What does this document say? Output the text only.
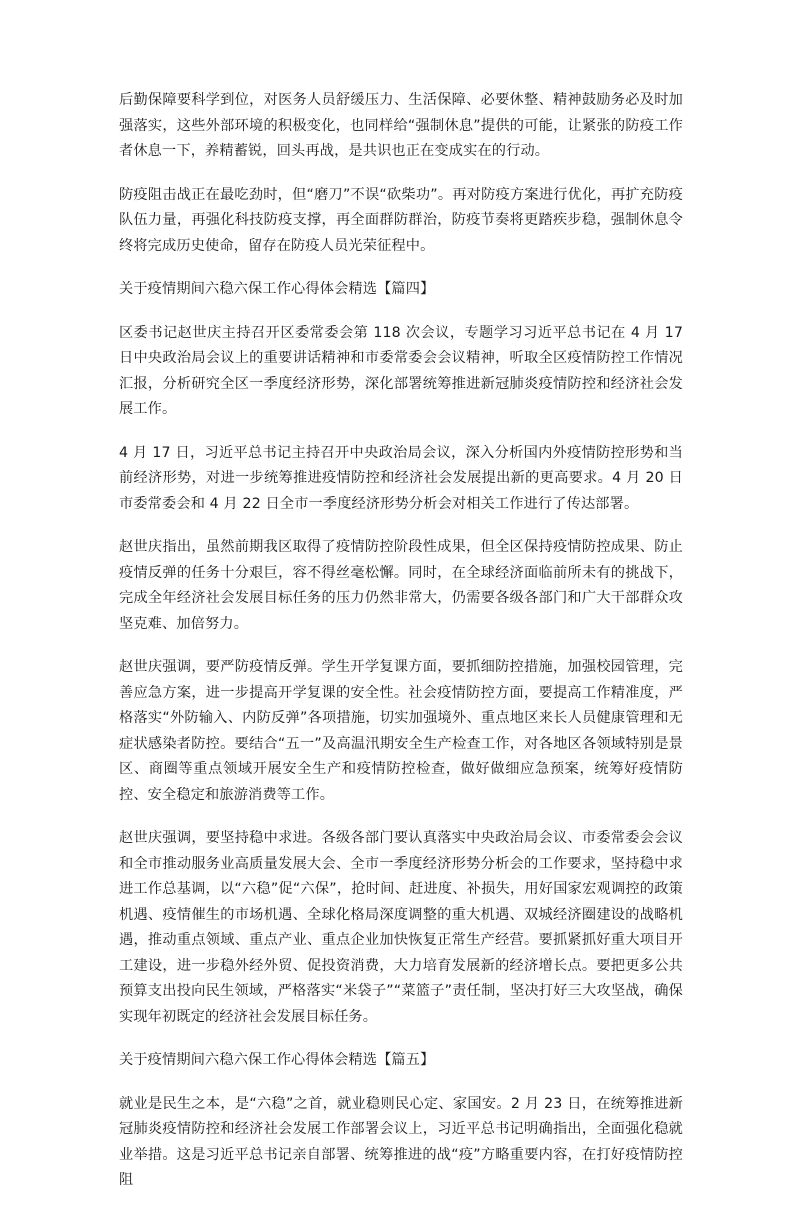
后勤保障要科学到位，对医务人员舒缓压力、生活保障、必要休整、精神鼓励务必及时加强落实，这些外部环境的积极变化，也同样给“强制休息”提供的可能，让紧张的防疫工作者休息一下，养精蓄锐，回头再战，是共识也正在变成实在的行动。

防疫阻击战正在最吃劲时，但“磨刀”不误“砍柴功”。再对防疫方案进行优化，再扩充防疫队伍力量，再强化科技防疫支撑，再全面群防群治，防疫节奏将更踏疾步稳，强制休息令终将完成历史使命，留存在防疫人员光荣征程中。

关于疫情期间六稳六保工作心得体会精选【篇四】

区委书记赵世庆主持召开区委常委会第 118 次会议，专题学习习近平总书记在 4 月 17 日中央政治局会议上的重要讲话精神和市委常委会会议精神，听取全区疫情防控工作情况汇报，分析研究全区一季度经济形势，深化部署统筹推进新冠肺炎疫情防控和经济社会发展工作。

4 月 17 日，习近平总书记主持召开中央政治局会议，深入分析国内外疫情防控形势和当前经济形势，对进一步统筹推进疫情防控和经济社会发展提出新的更高要求。4 月 20 日市委常委会和 4 月 22 日全市一季度经济形势分析会对相关工作进行了传达部署。

赵世庆指出，虽然前期我区取得了疫情防控阶段性成果，但全区保持疫情防控成果、防止疫情反弹的任务十分艰巨，容不得丝毫松懈。同时，在全球经济面临前所未有的挑战下，完成全年经济社会发展目标任务的压力仍然非常大，仍需要各级各部门和广大干部群众攻坚克难、加倍努力。

赵世庆强调，要严防疫情反弹。学生开学复课方面，要抓细防控措施，加强校园管理，完善应急方案，进一步提高开学复课的安全性。社会疫情防控方面，要提高工作精准度，严格落实“外防输入、内防反弹”各项措施，切实加强境外、重点地区来长人员健康管理和无症状感染者防控。要结合“五一”及高温汛期安全生产检查工作，对各地区各领域特别是景区、商圈等重点领域开展安全生产和疫情防控检查，做好做细应急预案，统筹好疫情防控、安全稳定和旅游消费等工作。

赵世庆强调，要坚持稳中求进。各级各部门要认真落实中央政治局会议、市委常委会会议和全市推动服务业高质量发展大会、全市一季度经济形势分析会的工作要求，坚持稳中求进工作总基调，以“六稳”促“六保”，抢时间、赶进度、补损失，用好国家宏观调控的政策机遇、疫情催生的市场机遇、全球化格局深度调整的重大机遇、双城经济圈建设的战略机遇，推动重点领域、重点产业、重点企业加快恢复正常生产经营。要抓紧抓好重大项目开工建设，进一步稳外经外贸、促投资消费，大力培育发展新的经济增长点。要把更多公共预算支出投向民生领域，严格落实“米袋子”“菜篮子”责任制，坚决打好三大攻坚战，确保实现年初既定的经济社会发展目标任务。

关于疫情期间六稳六保工作心得体会精选【篇五】

就业是民生之本，是“六稳”之首，就业稳则民心定、家国安。2 月 23 日，在统筹推进新冠肺炎疫情防控和经济社会发展工作部署会议上，习近平总书记明确指出，全面强化稳就业举措。这是习近平总书记亲自部署、统筹推进的战“疫”方略重要内容，在打好疫情防控阻
